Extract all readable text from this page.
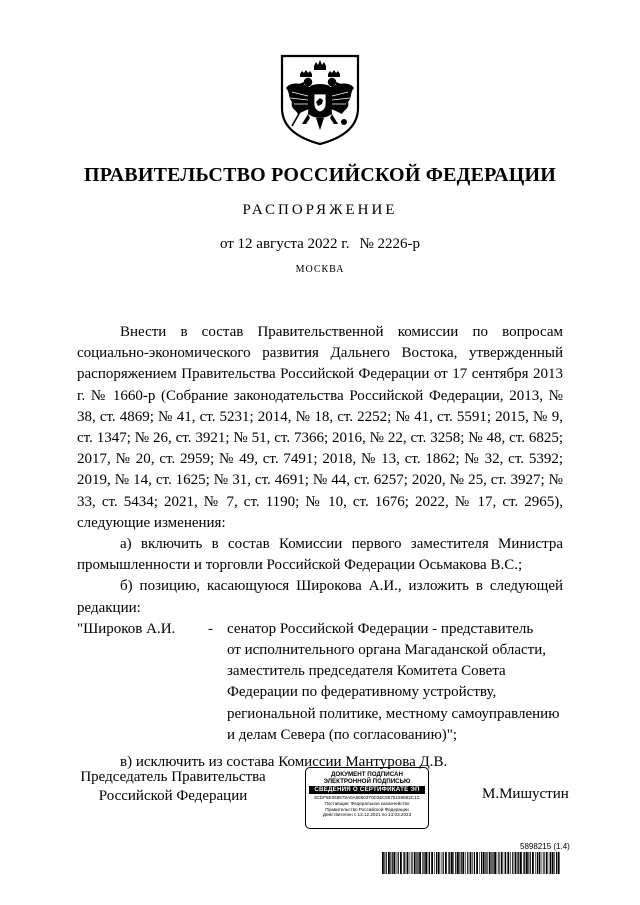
ПРАВИТЕЛЬСТВО РОССИЙСКОЙ ФЕДЕРАЦИИ
РАСПОРЯЖЕНИЕ
от 12 августа 2022 г. № 2226-р
МОСКВА

Внести в состав Правительственной комиссии по вопросам социально-экономического развития Дальнего Востока, утвержденный распоряжением Правительства Российской Федерации от 17 сентября 2013 г. № 1660-р (Собрание законодательства Российской Федерации, 2013, № 38, ст. 4869; № 41, ст. 5231; 2014, № 18, ст. 2252; № 41, ст. 5591; 2015, № 9, ст. 1347; № 26, ст. 3921; № 51, ст. 7366; 2016, № 22, ст. 3258; № 48, ст. 6825; 2017, № 20, ст. 2959; № 49, ст. 7491; 2018, № 13, ст. 1862; № 32, ст. 5392; 2019, № 14, ст. 1625; № 31, ст. 4691; № 44, ст. 6257; 2020, № 25, ст. 3927; № 33, ст. 5434; 2021, № 7, ст. 1190; № 10, ст. 1676; 2022, № 17, ст. 2965), следующие изменения:

а) включить в состав Комиссии первого заместителя Министра промышленности и торговли Российской Федерации Осьмакова В.С.;

б) позицию, касающуюся Широкова А.И., изложить в следующей редакции:

"Широков А.И.	- сенатор Российской Федерации - представитель
от исполнительного органа Магаданской области,
заместитель председателя Комитета Совета
Федерации по федеративному устройству,
региональной политике, местному самоуправлению
и делам Севера (по согласованию)";

в) исключить из состава Комиссии Мантурова Д.В.

Председатель Правительства
Российской Федерации
ДОКУМЕНТ ПОДПИСАН
ЭЛЕКТРОННОЙ ПОДПИСЬЮ
СВЕДЕНИЯ О СЕРТИФИКАТЕ ЭП
3CDF5E068578A0A6660370D36C6578159882C1C
Поставщик: Федеральное казначейство
Правительство Российской Федерации
Действителен с 13.12.2021 по 13.03.2023
М.Мишустин
5898215 (1.4)
